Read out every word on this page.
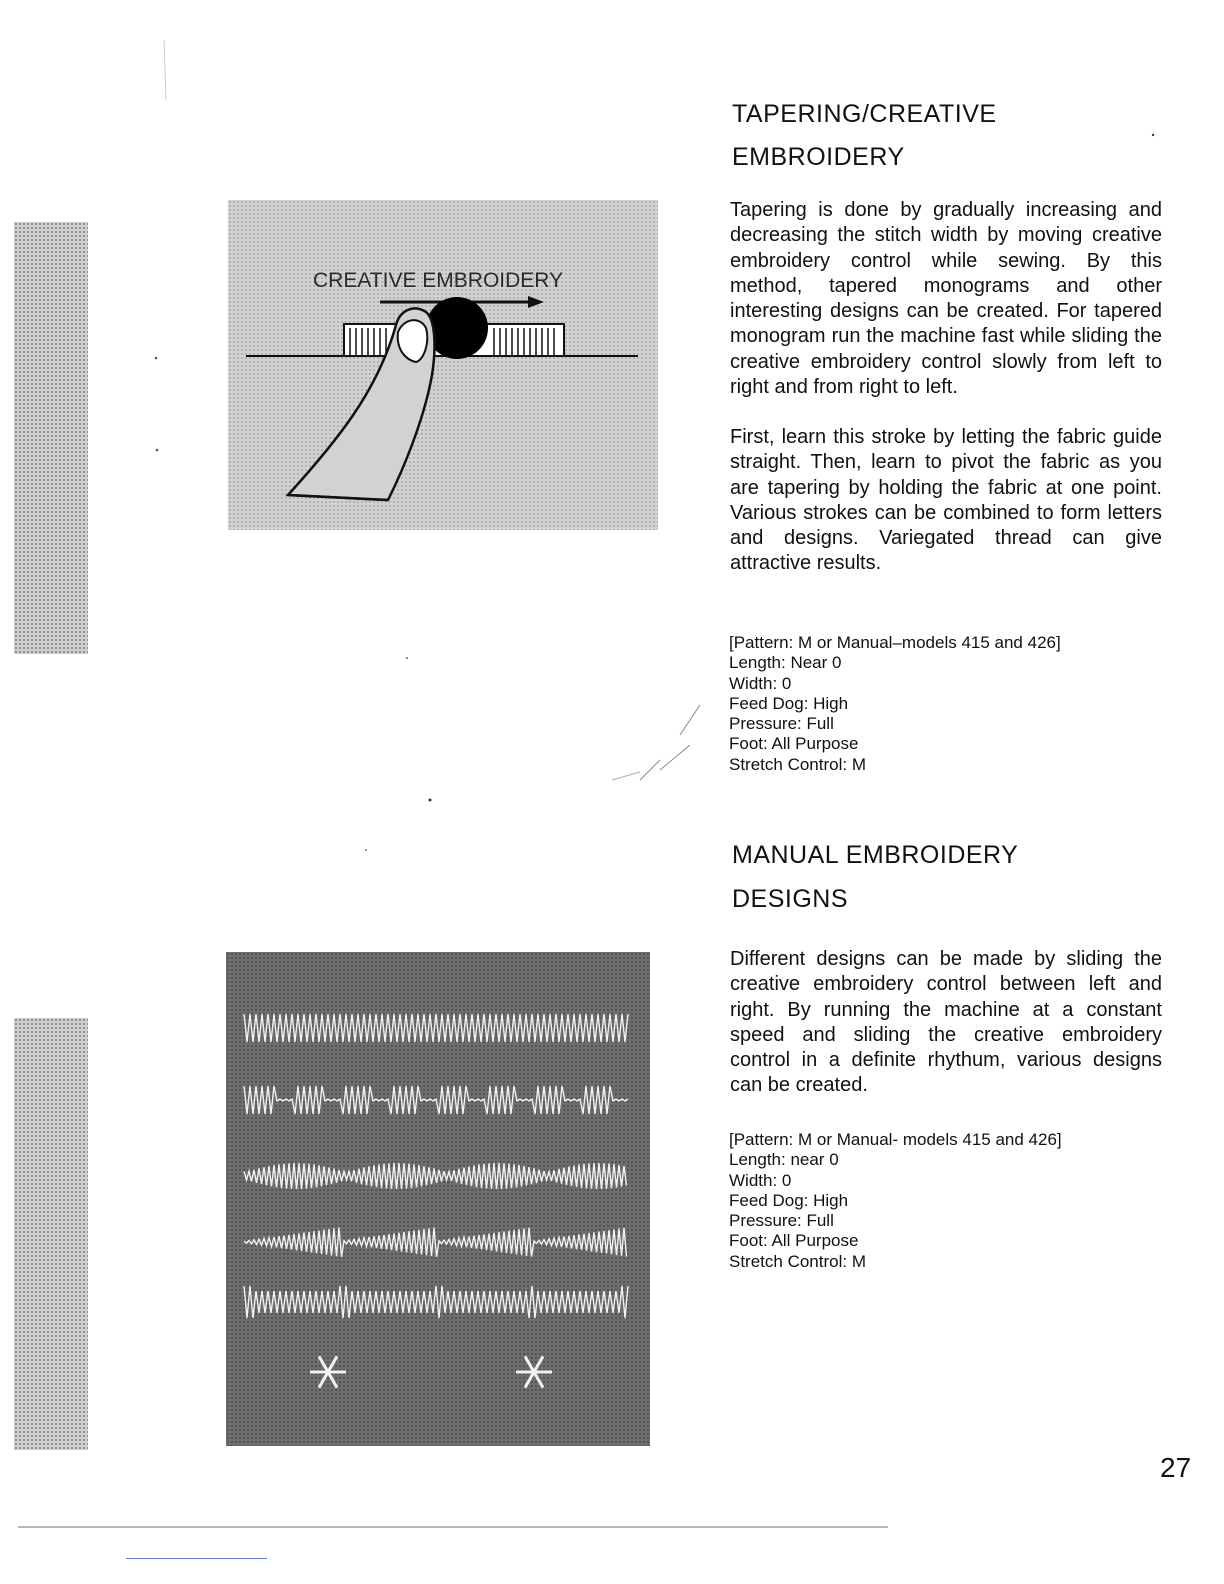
CREATIVE EMBROIDERY
TAPERING/CREATIVE
EMBROIDERY

Tapering is done by gradually increasing and decreasing the stitch width by moving creative embroidery control while sewing. By this method, tapered monograms and other interesting designs can be created. For tapered monogram run the machine fast while sliding the creative embroidery control slowly from left to right and from right to left.

First, learn this stroke by letting the fabric guide straight. Then, learn to pivot the fabric as you are tapering by holding the fabric at one point. Various strokes can be combined to form letters and designs. Variegated thread can give attractive results.

[Pattern: M or Manual–models 415 and 426]
Length: Near 0
Width: 0
Feed Dog: High
Pressure: Full
Foot: All Purpose
Stretch Control: M
MANUAL EMBROIDERY
DESIGNS

Different designs can be made by sliding the creative embroidery control between left and right. By running the machine at a constant speed and sliding the creative embroidery control in a definite rhythum, various designs can be created.

[Pattern: M or Manual- models 415 and 426]
Length: near 0
Width: 0
Feed Dog: High
Pressure: Full
Foot: All Purpose
Stretch Control: M
27
